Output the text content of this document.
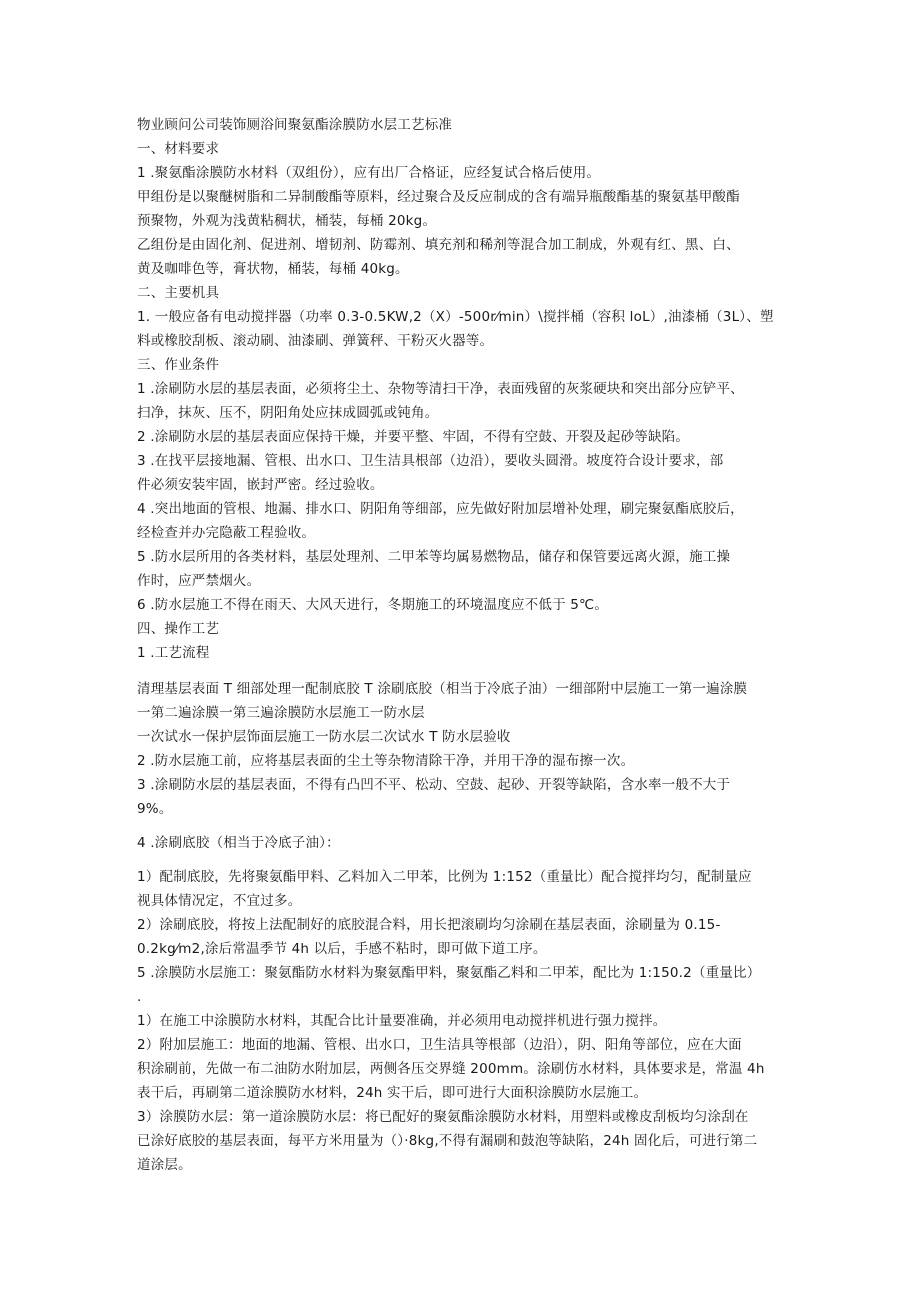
物业顾问公司装饰厕浴间聚氨酯涂膜防水层工艺标准
一、材料要求
1 .聚氨酯涂膜防水材料（双组份），应有出厂合格证，应经复试合格后使用。
甲组份是以聚醚树脂和二异制酸酯等原料，经过聚合及反应制成的含有端异瓶酸酯基的聚氨基甲酸酯
预聚物，外观为浅黄粘稠状，桶装，每桶 20kg。
乙组份是由固化剂、促进剂、增韧剂、防霉剂、填充剂和稀剂等混合加工制成，外观有红、黑、白、
黄及咖啡色等，膏状物，桶装，每桶 40kg。
二、主要机具
1. 一般应备有电动搅拌器（功率 0.3-0.5KW,2（X）-500r⁄min）\搅拌桶（容积 loL）,油漆桶（3L）、塑
料或橡胶刮板、滚动刷、油漆刷、弹簧秤、干粉灭火器等。
三、作业条件
1 .涂刷防水层的基层表面，必须将尘土、杂物等清扫干净，表面残留的灰浆硬块和突出部分应铲平、
扫净，抹灰、压不，阴阳角处应抹成圆弧或钝角。
2 .涂刷防水层的基层表面应保持干燥，并要平整、牢固，不得有空鼓、开裂及起砂等缺陷。
3 .在找平层接地漏、管根、出水口、卫生洁具根部（边沿），要收头圆滑。坡度符合设计要求，部
件必须安装牢固，嵌封严密。经过验收。
4 .突出地面的管根、地漏、排水口、阴阳角等细部，应先做好附加层增补处理，刷完聚氨酯底胶后，
经检查并办完隐蔽工程验收。
5 .防水层所用的各类材料，基层处理剂、二甲苯等均属易燃物品，储存和保管要远离火源，施工操
作时，应严禁烟火。
6 .防水层施工不得在雨天、大风天进行，冬期施工的环境温度应不低于 5℃。
四、操作工艺
1 .工艺流程
清理基层表面 T 细部处理一配制底胶 T 涂刷底胶（相当于冷底子油）一细部附中层施工一第一遍涂膜
一第二遍涂膜一第三遍涂膜防水层施工一防水层
一次试水一保护层饰面层施工一防水层二次试水 T 防水层验收
2 .防水层施工前，应将基层表面的尘土等杂物清除干净，并用干净的湿布擦一次。
3 .涂刷防水层的基层表面，不得有凸凹不平、松动、空鼓、起砂、开裂等缺陷，含水率一般不大于
9%。
4 .涂刷底胶（相当于冷底子油）：
1）配制底胶，先将聚氨酯甲料、乙料加入二甲苯，比例为 1:152（重量比）配合搅拌均匀，配制量应
视具体情况定，不宜过多。
2）涂刷底胶，将按上法配制好的底胶混合料，用长把滚刷均匀涂刷在基层表面，涂刷量为 0.15-
0.2kg⁄m2,涂后常温季节 4h 以后，手感不粘时，即可做下道工序。
5 .涂膜防水层施工：聚氨酯防水材料为聚氨酯甲料，聚氨酯乙料和二甲苯，配比为 1:150.2（重量比）
.
1）在施工中涂膜防水材料，其配合比计量要准确，并必须用电动搅拌机进行强力搅拌。
2）附加层施工：地面的地漏、管根、出水口，卫生洁具等根部（边沿），阴、阳角等部位，应在大面
积涂刷前，先做一布二油防水附加层，两侧各压交界缝 200mm。涂刷仿水材料，具体要求是，常温 4h
表干后，再刷第二道涂膜防水材料，24h 实干后，即可进行大面积涂膜防水层施工。
3）涂膜防水层：第一道涂膜防水层：将已配好的聚氨酯涂膜防水材料，用塑料或橡皮刮板均匀涂刮在
已涂好底胶的基层表面，每平方米用量为（）·8kg,不得有漏刷和鼓泡等缺陷，24h 固化后，可进行第二
道涂层。
